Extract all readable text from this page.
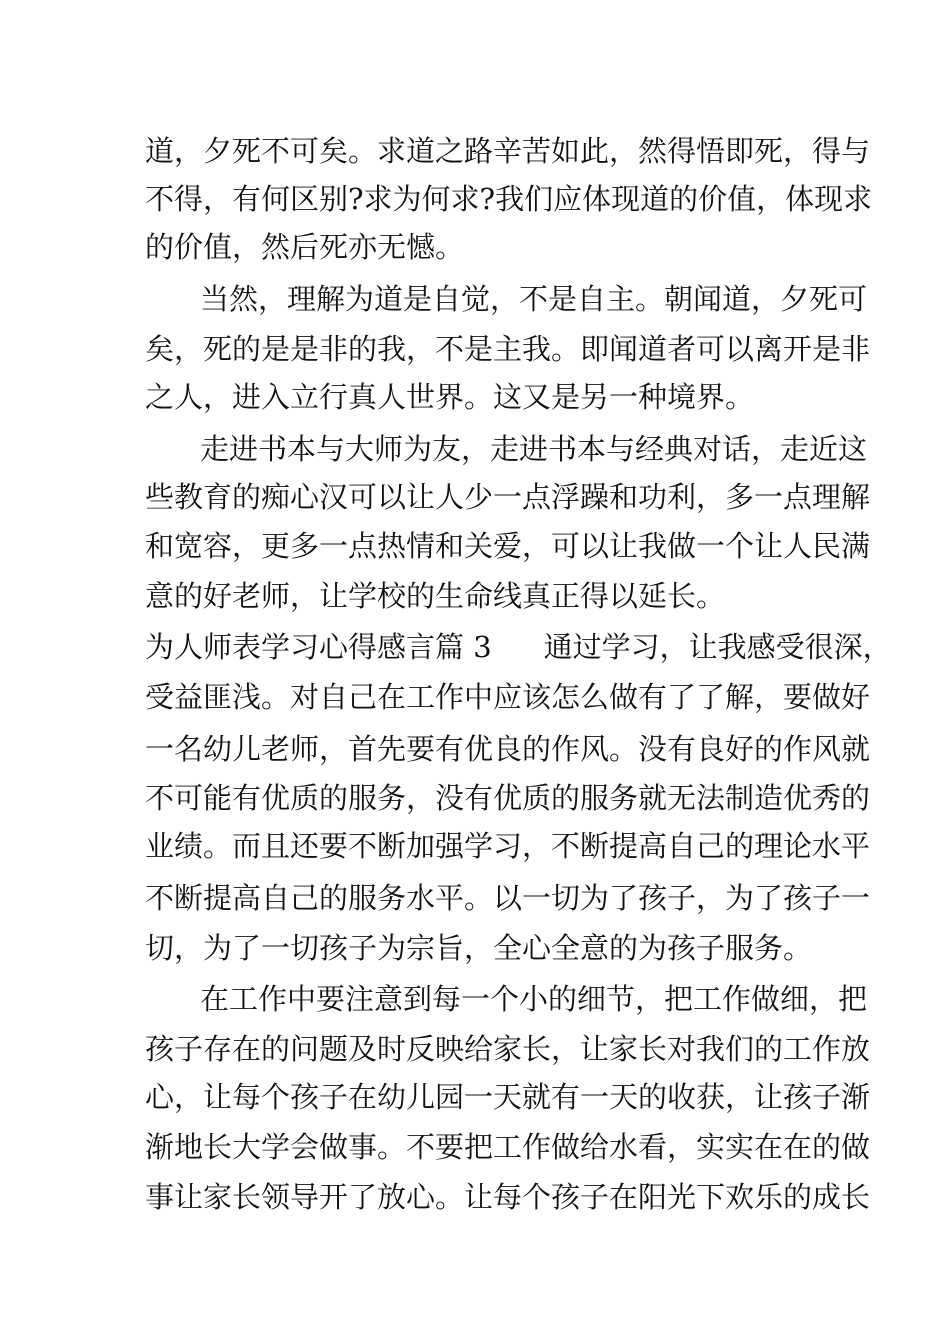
道，夕死不可矣。求道之路辛苦如此，然得悟即死，得与
不得，有何区别?求为何求?我们应体现道的价值，体现求
的价值，然后死亦无憾。
当然，理解为道是自觉，不是自主。朝闻道，夕死可
矣，死的是是非的我，不是主我。即闻道者可以离开是非
之人，进入立行真人世界。这又是另一种境界。
走进书本与大师为友，走进书本与经典对话，走近这
些教育的痴心汉可以让人少一点浮躁和功利，多一点理解
和宽容，更多一点热情和关爱，可以让我做一个让人民满
意的好老师，让学校的生命线真正得以延长。
为人师表学习心得感言篇 3 通过学习，让我感受很深，
受益匪浅。对自己在工作中应该怎么做有了了解，要做好
一名幼儿老师，首先要有优良的作风。没有良好的作风就
不可能有优质的服务，没有优质的服务就无法制造优秀的
业绩。而且还要不断加强学习，不断提高自己的理论水平
不断提高自己的服务水平。以一切为了孩子，为了孩子一
切，为了一切孩子为宗旨，全心全意的为孩子服务。
在工作中要注意到每一个小的细节，把工作做细，把
孩子存在的问题及时反映给家长，让家长对我们的工作放
心，让每个孩子在幼儿园一天就有一天的收获，让孩子渐
渐地长大学会做事。不要把工作做给水看，实实在在的做
事让家长领导开了放心。让每个孩子在阳光下欢乐的成长
